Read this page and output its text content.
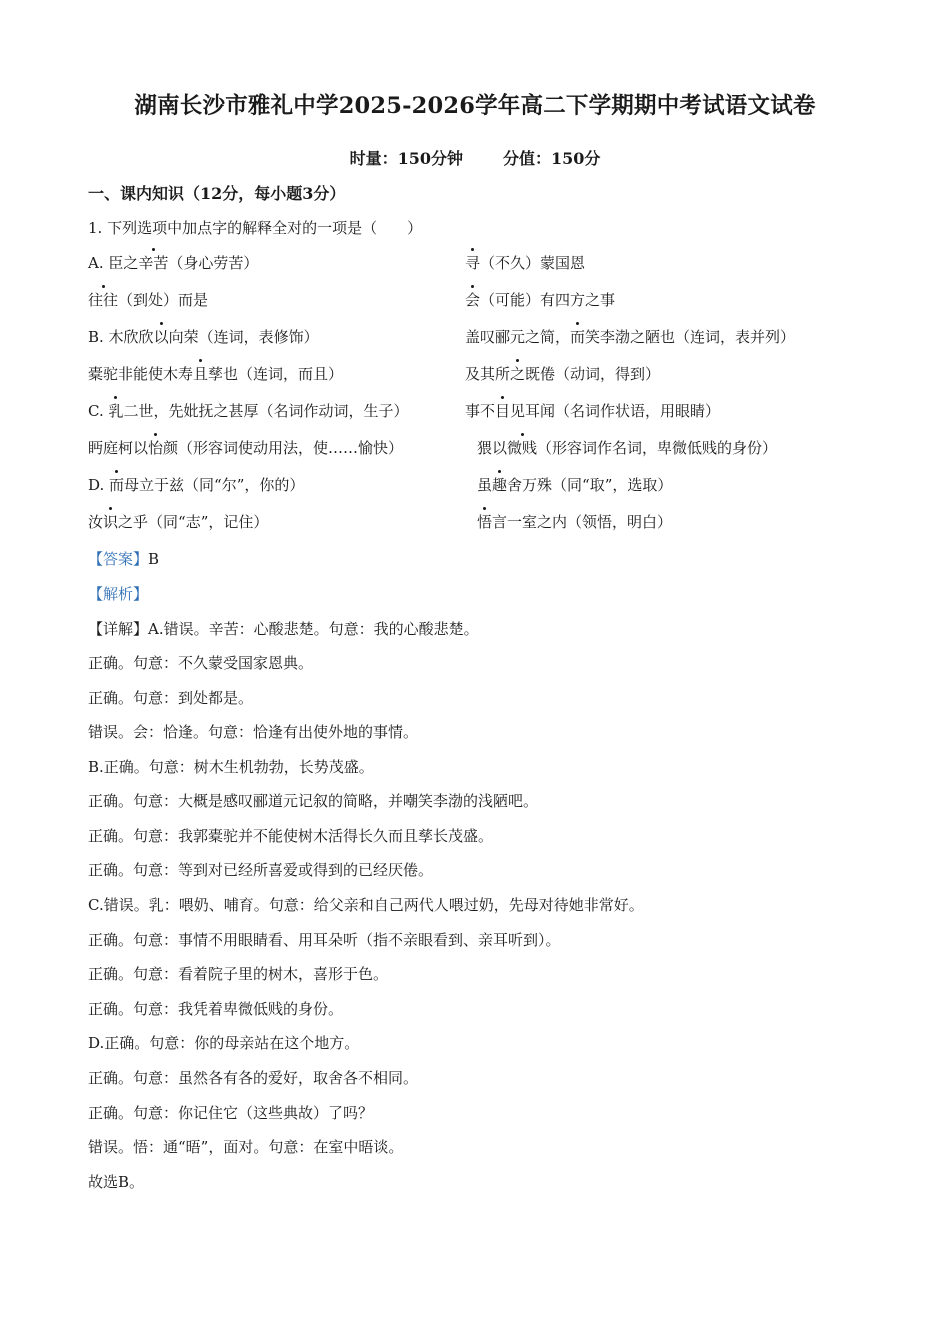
湖南长沙市雅礼中学2025-2026学年高二下学期期中考试语文试卷
时量：150分钟	分值：150分
一、课内知识（12分，每小题3分）
1. 下列选项中加点字的解释全对的一项是（　　）
A. 臣之辛苦（身心劳苦）	寻（不久）蒙国恩
往往（到处）而是	会（可能）有四方之事
B. 木欣欣以向荣（连词，表修饰）	盖叹郦元之简，而笑李渤之陋也（连词，表并列）
橐驼非能使木寿且孳也（连词，而且）	及其所之既倦（动词，得到）
C. 乳二世，先妣抚之甚厚（名词作动词，生子）	事不目见耳闻（名词作状语，用眼睛）
眄庭柯以怡颜（形容词使动用法，使……愉快）	猥以微贱（形容词作名词，卑微低贱的身份）
D. 而母立于兹（同“尔”，你的）	虽趣舍万殊（同“取”，选取）
汝识之乎（同“志”，记住）	悟言一室之内（领悟，明白）
【答案】B
【解析】
【详解】A.错误。辛苦：心酸悲楚。句意：我的心酸悲楚。
正确。句意：不久蒙受国家恩典。
正确。句意：到处都是。
错误。会：恰逢。句意：恰逢有出使外地的事情。
B.正确。句意：树木生机勃勃，长势茂盛。
正确。句意：大概是感叹郦道元记叙的简略，并嘲笑李渤的浅陋吧。
正确。句意：我郭橐驼并不能使树木活得长久而且孳长茂盛。
正确。句意：等到对已经所喜爱或得到的已经厌倦。
C.错误。乳：喂奶、哺育。句意：给父亲和自己两代人喂过奶，先母对待她非常好。
正确。句意：事情不用眼睛看、用耳朵听（指不亲眼看到、亲耳听到）。
正确。句意：看着院子里的树木，喜形于色。
正确。句意：我凭着卑微低贱的身份。
D.正确。句意：你的母亲站在这个地方。
正确。句意：虽然各有各的爱好，取舍各不相同。
正确。句意：你记住它（这些典故）了吗？
错误。悟：通“晤”，面对。句意：在室中晤谈。
故选B。
